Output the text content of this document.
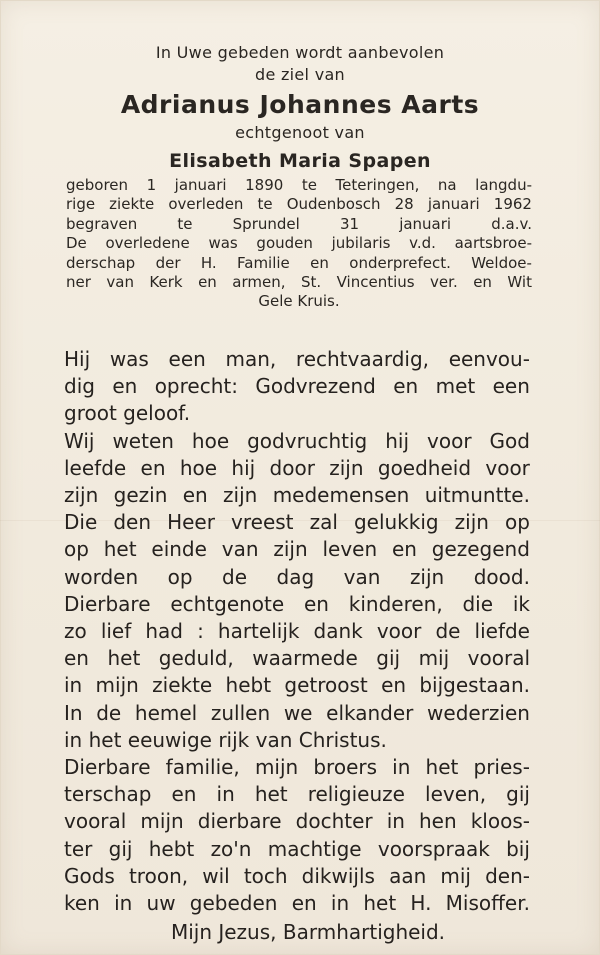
In Uwe gebeden wordt aanbevolen
de ziel van
Adrianus Johannes Aarts
echtgenoot van
Elisabeth Maria Spapen
geboren 1 januari 1890 te Teteringen, na langdu-
rige ziekte overleden te Oudenbosch 28 januari 1962
begraven	te	Sprundel	31	januari	d.a.v.
De overledene was gouden jubilaris v.d. aartsbroe-
derschap der H. Familie en onderprefect. Weldoe-
ner van Kerk en armen, St. Vincentius ver. en Wit
Gele Kruis.
Hij was een man, rechtvaardig, eenvou-
dig en oprecht: Godvrezend en met een
groot geloof.
Wij weten hoe godvruchtig hij voor God
leefde en hoe hij door zijn goedheid voor
zijn gezin en zijn medemensen uitmuntte.
Die den Heer vreest zal gelukkig zijn op
op het einde van zijn leven en gezegend
worden op de dag van zijn dood.
Dierbare echtgenote en kinderen, die ik
zo lief had : hartelijk dank voor de liefde
en het geduld, waarmede gij mij vooral
in mijn ziekte hebt getroost en bijgestaan.
In de hemel zullen we elkander wederzien
in het eeuwige rijk van Christus.
Dierbare familie, mijn broers in het pries-
terschap en in het religieuze leven, gij
vooral mijn dierbare dochter in hen kloos-
ter gij hebt zo'n machtige voorspraak bij
Gods troon, wil toch dikwijls aan mij den-
ken in uw gebeden en in het H. Misoffer.
Mijn Jezus, Barmhartigheid.
